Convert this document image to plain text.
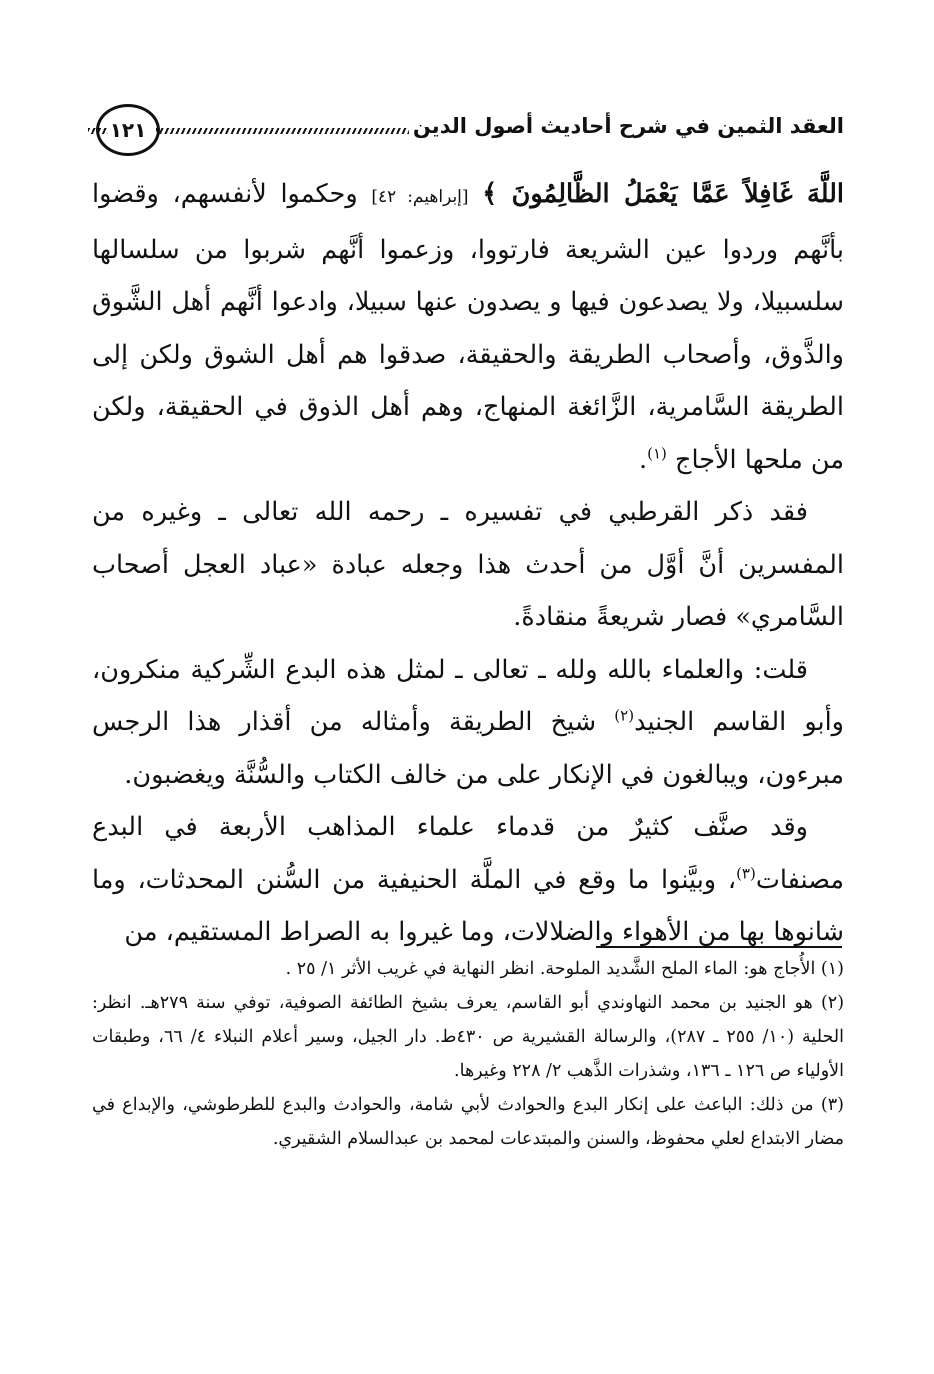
١٢١	العقد الثمين في شرح أحاديث أصول الدين

اللَّهَ غَافِلاً عَمَّا يَعْمَلُ الظَّالِمُونَ ﴾ [إبراهيم: ٤٢] وحكموا لأنفسهم، وقضوا بأنَّهم وردوا عين الشريعة فارتووا، وزعموا أنَّهم شربوا من سلسالها سلسبيلا، ولا يصدعون فيها و يصدون عنها سبيلا، وادعوا أنَّهم أهل الشَّوق والذَّوق، وأصحاب الطريقة والحقيقة، صدقوا هم أهل الشوق ولكن إلى الطريقة السَّامرية، الزَّائغة المنهاج، وهم أهل الذوق في الحقيقة، ولكن من ملحها الأجاج $^{(١)}$.

فقد ذكر القرطبي في تفسيره ـ رحمه الله تعالى ـ وغيره من المفسرين أنَّ أوَّل من أحدث هذا وجعله عبادة «عباد العجل أصحاب السَّامري» فصار شريعةً منقادةً.

قلت: والعلماء بالله ولله ـ تعالى ـ لمثل هذه البدع الشِّركية منكرون، وأبو القاسم الجنيد$^{(٢)}$ شيخ الطريقة وأمثاله من أقذار هذا الرجس مبرءون، ويبالغون في الإنكار على من خالف الكتاب والسُّنَّة ويغضبون.

وقد صنَّف كثيرٌ من قدماء علماء المذاهب الأربعة في البدع مصنفات$^{(٣)}$، وبيَّنوا ما وقع في الملَّة الحنيفية من السُّنن المحدثات، وما شانوها بها من الأهواء والضلالات، وما غيروا به الصراط المستقيم، من

(١) الأُجاج هو: الماء الملح الشَّديد الملوحة. انظر النهاية في غريب الأثر ١/ ٢٥ .

(٢) هو الجنيد بن محمد النهاوندي أبو القاسم، يعرف بشيخ الطائفة الصوفية، توفي سنة ٢٧٩هـ. انظر: الحلية (١٠/ ٢٥٥ ـ ٢٨٧)، والرسالة القشيرية ص ٤٣٠ط. دار الجيل، وسير أعلام النبلاء ٤/ ٦٦، وطبقات الأولياء ص ١٢٦ ـ ١٣٦، وشذرات الذَّهب ٢/ ٢٢٨ وغيرها.

(٣) من ذلك: الباعث على إنكار البدع والحوادث لأبي شامة، والحوادث والبدع للطرطوشي، والإبداع في مضار الابتداع لعلي محفوظ، والسنن والمبتدعات لمحمد بن عبدالسلام الشقيري.
